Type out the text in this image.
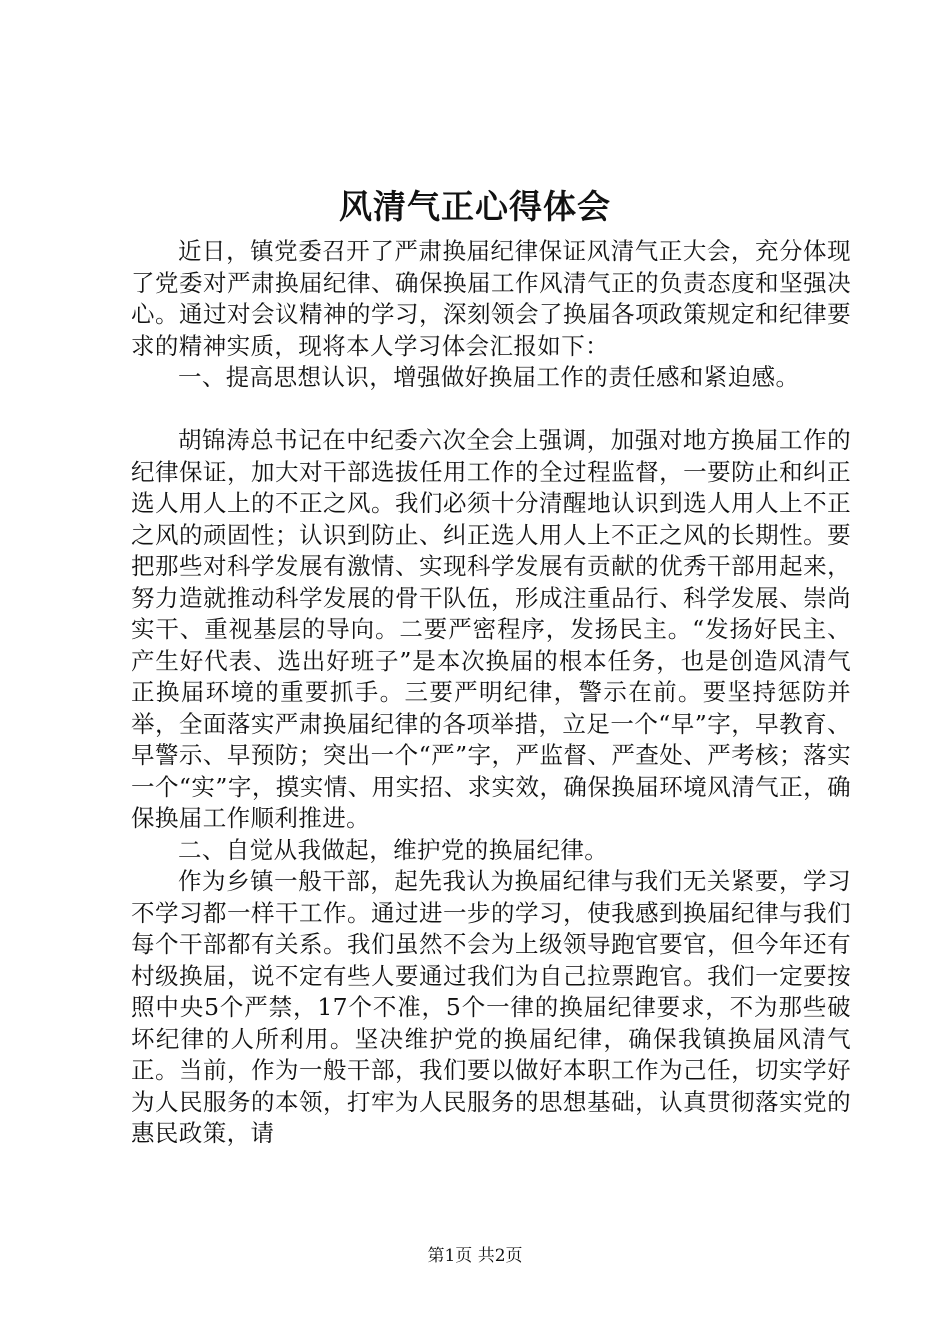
风清气正心得体会

近日，镇党委召开了严肃换届纪律保证风清气正大会，充分体现了党委对严肃换届纪律、确保换届工作风清气正的负责态度和坚强决心。通过对会议精神的学习，深刻领会了换届各项政策规定和纪律要求的精神实质，现将本人学习体会汇报如下：

一、提高思想认识，增强做好换届工作的责任感和紧迫感。

胡锦涛总书记在中纪委六次全会上强调，加强对地方换届工作的纪律保证，加大对干部选拔任用工作的全过程监督，一要防止和纠正选人用人上的不正之风。我们必须十分清醒地认识到选人用人上不正之风的顽固性；认识到防止、纠正选人用人上不正之风的长期性。要把那些对科学发展有激情、实现科学发展有贡献的优秀干部用起来，努力造就推动科学发展的骨干队伍，形成注重品行、科学发展、崇尚实干、重视基层的导向。二要严密程序，发扬民主。“发扬好民主、产生好代表、选出好班子”是本次换届的根本任务，也是创造风清气正换届环境的重要抓手。三要严明纪律，警示在前。要坚持惩防并举，全面落实严肃换届纪律的各项举措，立足一个“早”字，早教育、早警示、早预防；突出一个“严”字，严监督、严查处、严考核；落实一个“实”字，摸实情、用实招、求实效，确保换届环境风清气正，确保换届工作顺利推进。

二、自觉从我做起，维护党的换届纪律。

作为乡镇一般干部，起先我认为换届纪律与我们无关紧要，学习不学习都一样干工作。通过进一步的学习，使我感到换届纪律与我们每个干部都有关系。我们虽然不会为上级领导跑官要官，但今年还有村级换届，说不定有些人要通过我们为自己拉票跑官。我们一定要按照中央5个严禁，17个不准，5个一律的换届纪律要求，不为那些破坏纪律的人所利用。坚决维护党的换届纪律，确保我镇换届风清气正。当前，作为一般干部，我们要以做好本职工作为己任，切实学好为人民服务的本领，打牢为人民服务的思想基础，认真贯彻落实党的惠民政策，请

第1页 共2页
